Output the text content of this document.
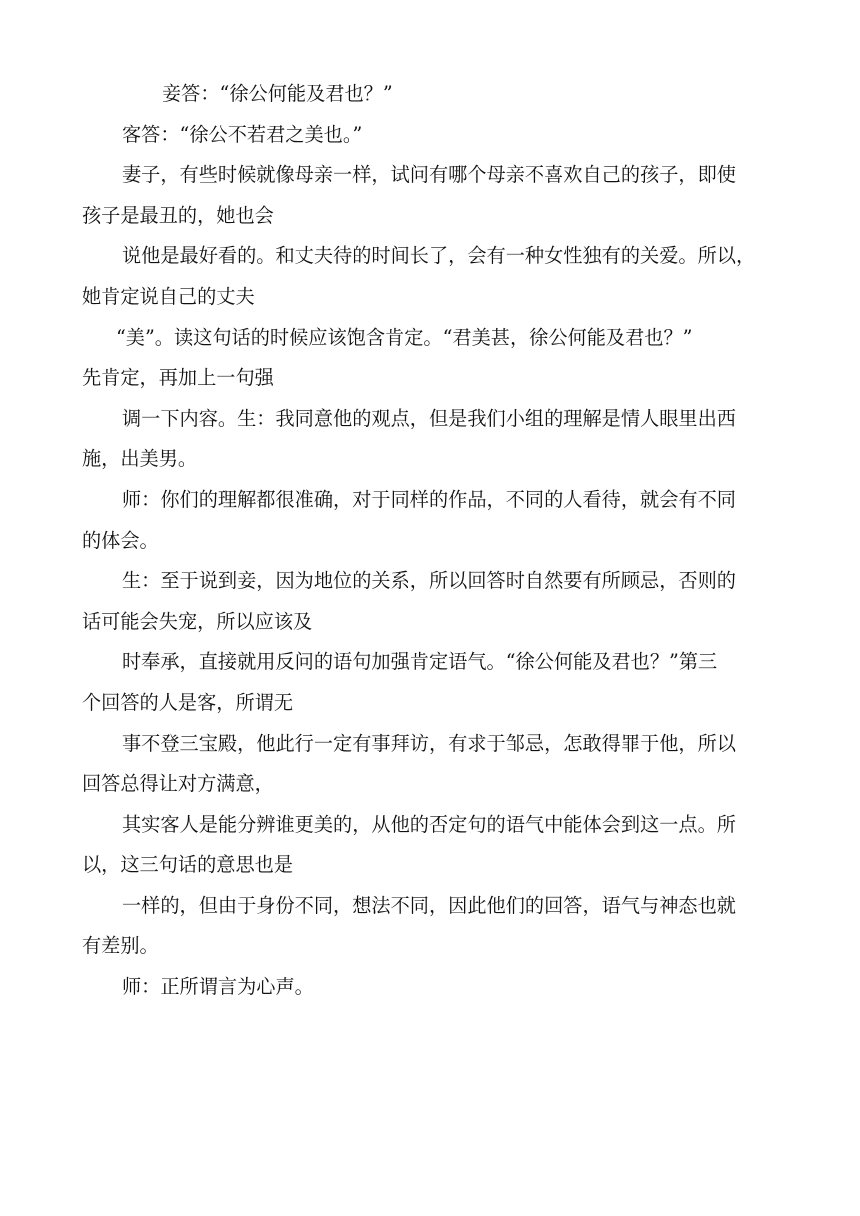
妾答：“徐公何能及君也？”
客答：“徐公不若君之美也。”
妻子，有些时候就像母亲一样，试问有哪个母亲不喜欢自己的孩子，即使
孩子是最丑的，她也会
说他是最好看的。和丈夫待的时间长了，会有一种女性独有的关爱。所以，
她肯定说自己的丈夫
“美”。读这句话的时候应该饱含肯定。“君美甚，徐公何能及君也？”
先肯定，再加上一句强
调一下内容。生：我同意他的观点，但是我们小组的理解是情人眼里出西
施，出美男。
师：你们的理解都很准确，对于同样的作品，不同的人看待，就会有不同
的体会。
生：至于说到妾，因为地位的关系，所以回答时自然要有所顾忌，否则的
话可能会失宠，所以应该及
时奉承，直接就用反问的语句加强肯定语气。“徐公何能及君也？”第三
个回答的人是客，所谓无
事不登三宝殿，他此行一定有事拜访，有求于邹忌，怎敢得罪于他，所以
回答总得让对方满意，
其实客人是能分辨谁更美的，从他的否定句的语气中能体会到这一点。所
以，这三句话的意思也是
一样的，但由于身份不同，想法不同，因此他们的回答，语气与神态也就
有差别。
师：正所谓言为心声。
